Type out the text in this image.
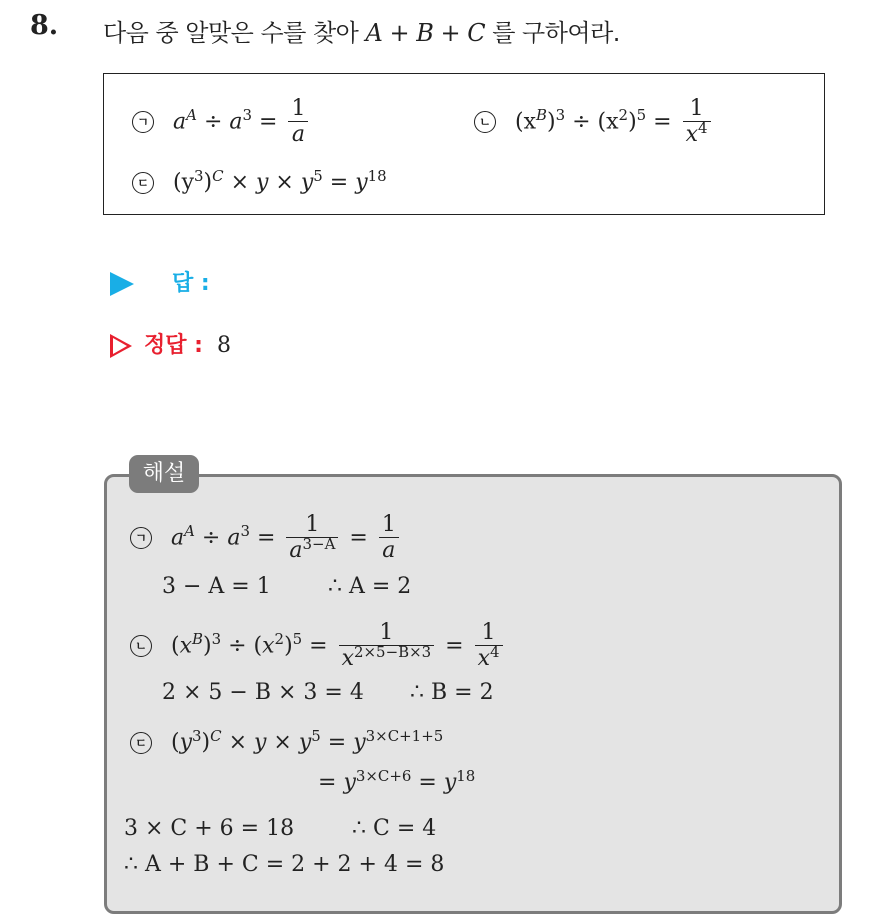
8. 다음 중 알맞은 수를 찾아 A + B + C 를 구하여라.
ㄱ $a^A \div a^3 = \frac{1}{a}$	ㄴ $(x^B)^3 \div (x^2)^5 = \frac{1}{x^4}$
ㄷ $(y^3)^C \times y \times y^5 = y^{18}$
답 :
정답 : 8
해설
ㄱ $a^A \div a^3 = \frac{1}{a^{3-A}} = \frac{1}{a}$
3 − A = 1	∴ A = 2
ㄴ $(x^B)^3 \div (x^2)^5 = \frac{1}{x^{2\times 5-B\times 3}} = \frac{1}{x^4}$
2 × 5 − B × 3 = 4 ∴ B = 2
ㄷ $(y^3)^C \times y \times y^5 = y^{3\times C+1+5}$
= $y^{3\times C+6} = y^{18}$
3 × C + 6 = 18	∴ C = 4
∴ A + B + C = 2 + 2 + 4 = 8
